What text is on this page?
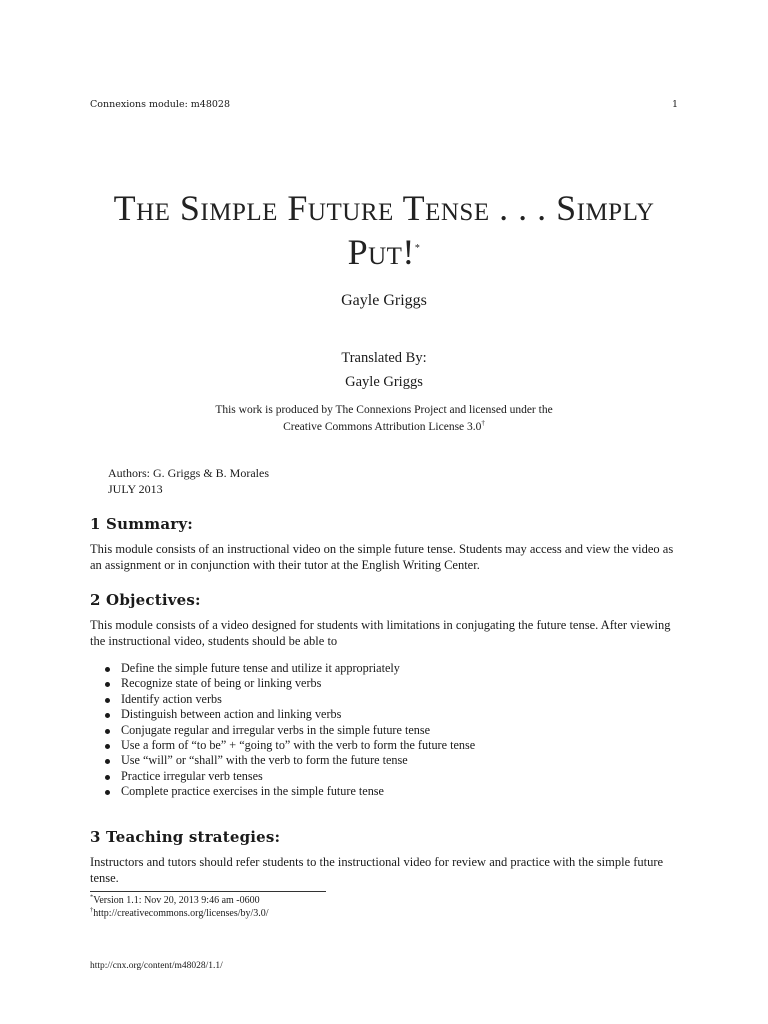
Connexions module: m48028	1
The Simple Future Tense . . . Simply
Put!*
Gayle Griggs
Translated By:
Gayle Griggs
This work is produced by The Connexions Project and licensed under the
Creative Commons Attribution License 3.0†
Authors: G. Griggs & B. Morales
JULY 2013
1 Summary:

This module consists of an instructional video on the simple future tense. Students may access and view the video as an assignment or in conjunction with their tutor at the English Writing Center.

2 Objectives:

This module consists of a video designed for students with limitations in conjugating the future tense. After viewing the instructional video, students should be able to

Define the simple future tense and utilize it appropriately
Recognize state of being or linking verbs
Identify action verbs
Distinguish between action and linking verbs
Conjugate regular and irregular verbs in the simple future tense
Use a form of “to be” + “going to” with the verb to form the future tense
Use “will” or “shall” with the verb to form the future tense
Practice irregular verb tenses
Complete practice exercises in the simple future tense
3 Teaching strategies:

Instructors and tutors should refer students to the instructional video for review and practice with the simple future tense.

*Version 1.1: Nov 20, 2013 9:46 am -0600
†http://creativecommons.org/licenses/by/3.0/
http://cnx.org/content/m48028/1.1/
